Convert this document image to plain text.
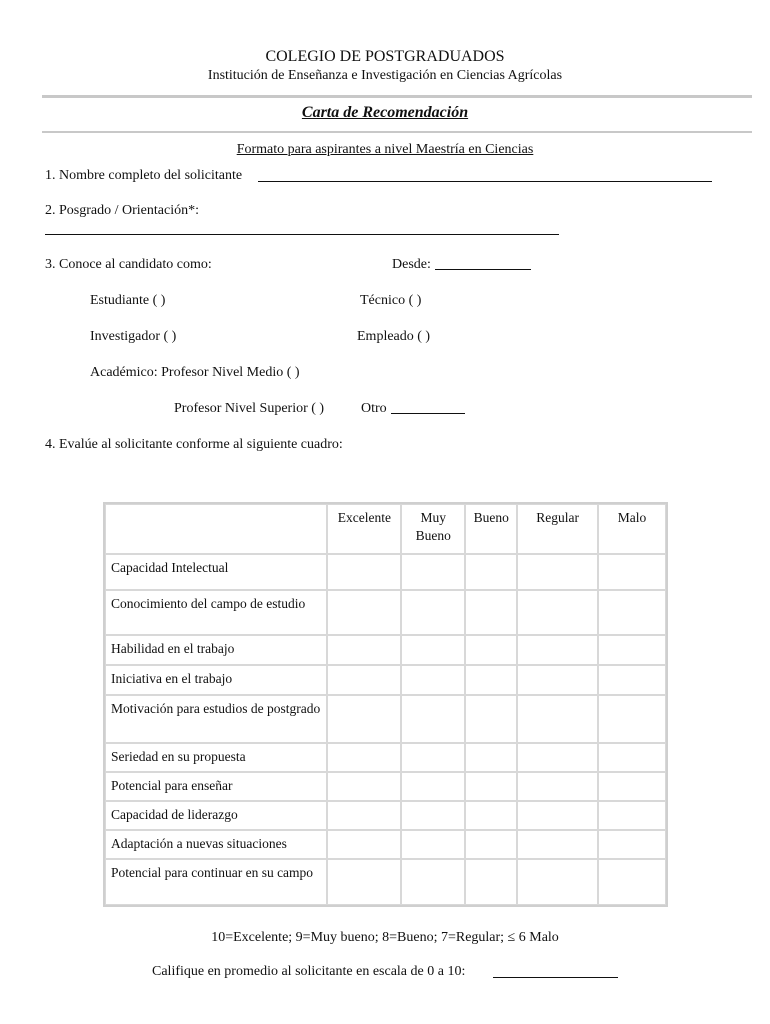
COLEGIO DE POSTGRADUADOS
Institución de Enseñanza e Investigación en Ciencias Agrícolas
Carta de Recomendación
Formato para aspirantes a nivel Maestría en Ciencias
1. Nombre completo del solicitante
2. Posgrado / Orientación*:
3. Conoce al candidato como:	Desde:
Estudiante ( )	Técnico ( )
Investigador ( )	Empleado ( )
Académico: Profesor Nivel Medio ( )
Profesor Nivel Superior ( )	Otro
4. Evalúe al solicitante conforme al siguiente cuadro:
	Excelente	Muy Bueno	Bueno	Regular	Malo
Capacidad Intelectual					
Conocimiento del campo de estudio					
Habilidad en el trabajo					
Iniciativa en el trabajo					
Motivación para estudios de postgrado					
Seriedad en su propuesta					
Potencial para enseñar					
Capacidad de liderazgo					
Adaptación a nuevas situaciones					
Potencial para continuar en su campo					
10=Excelente; 9=Muy bueno; 8=Bueno; 7=Regular; ≤ 6 Malo
Califique en promedio al solicitante en escala de 0 a 10:
